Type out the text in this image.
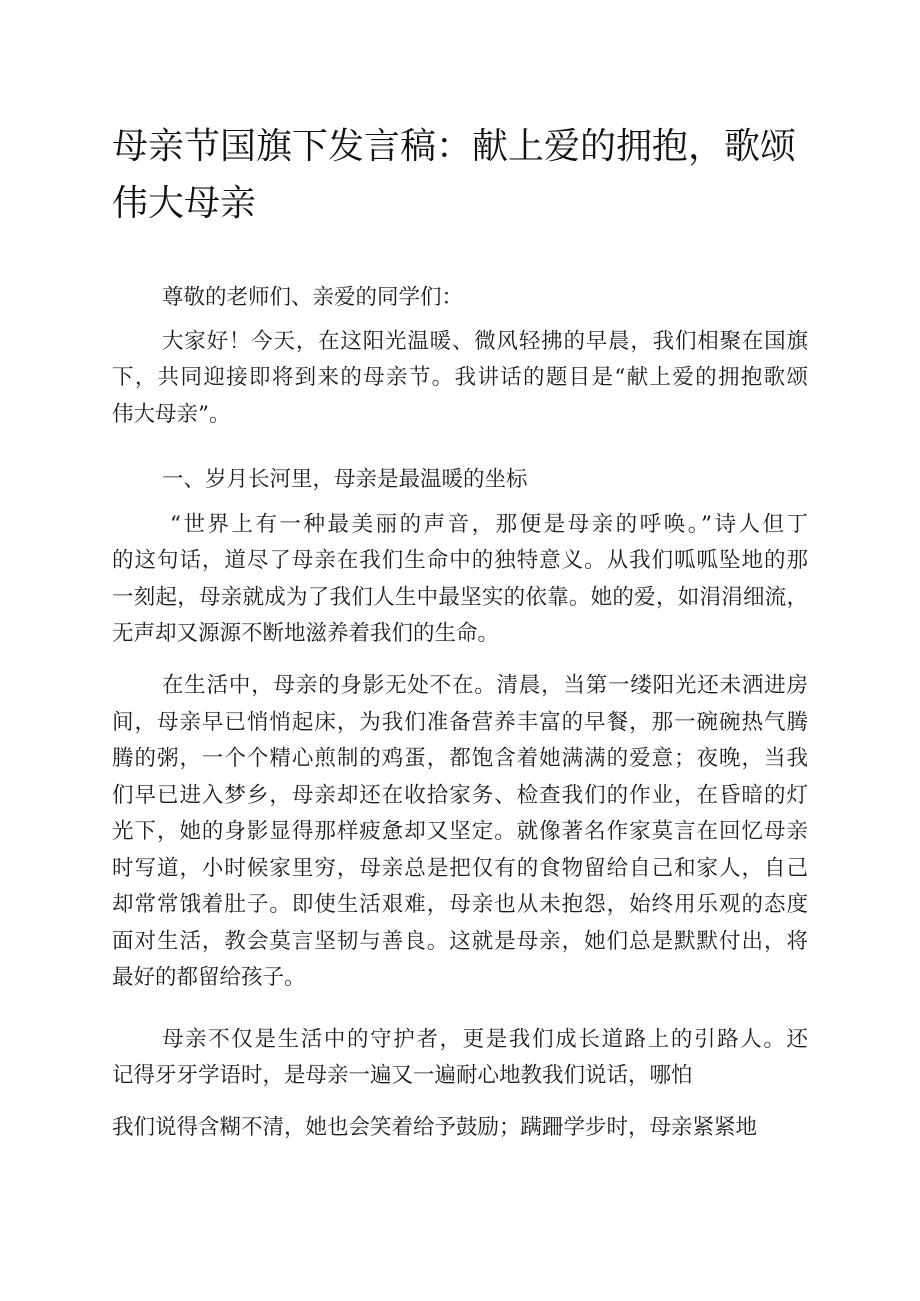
母亲节国旗下发言稿：献上爱的拥抱，歌颂伟大母亲

尊敬的老师们、亲爱的同学们：

大家好！今天，在这阳光温暖、微风轻拂的早晨，我们相聚在国旗

下，共同迎接即将到来的母亲节。我讲话的题目是“献上爱的拥抱歌颂

伟大母亲”。

一、岁月长河里，母亲是最温暖的坐标

“世界上有一种最美丽的声音，那便是母亲的呼唤。”诗人但丁

的这句话，道尽了母亲在我们生命中的独特意义。从我们呱呱坠地的那

一刻起，母亲就成为了我们人生中最坚实的依靠。她的爱，如涓涓细流，

无声却又源源不断地滋养着我们的生命。

在生活中，母亲的身影无处不在。清晨，当第一缕阳光还未洒进房

间，母亲早已悄悄起床，为我们准备营养丰富的早餐，那一碗碗热气腾

腾的粥，一个个精心煎制的鸡蛋，都饱含着她满满的爱意；夜晚，当我

们早已进入梦乡，母亲却还在收拾家务、检查我们的作业，在昏暗的灯

光下，她的身影显得那样疲惫却又坚定。就像著名作家莫言在回忆母亲

时写道，小时候家里穷，母亲总是把仅有的食物留给自己和家人，自己

却常常饿着肚子。即使生活艰难，母亲也从未抱怨，始终用乐观的态度

面对生活，教会莫言坚韧与善良。这就是母亲，她们总是默默付出，将

最好的都留给孩子。

母亲不仅是生活中的守护者，更是我们成长道路上的引路人。还

记得牙牙学语时，是母亲一遍又一遍耐心地教我们说话，哪怕

我们说得含糊不清，她也会笑着给予鼓励；蹒跚学步时，母亲紧紧地
